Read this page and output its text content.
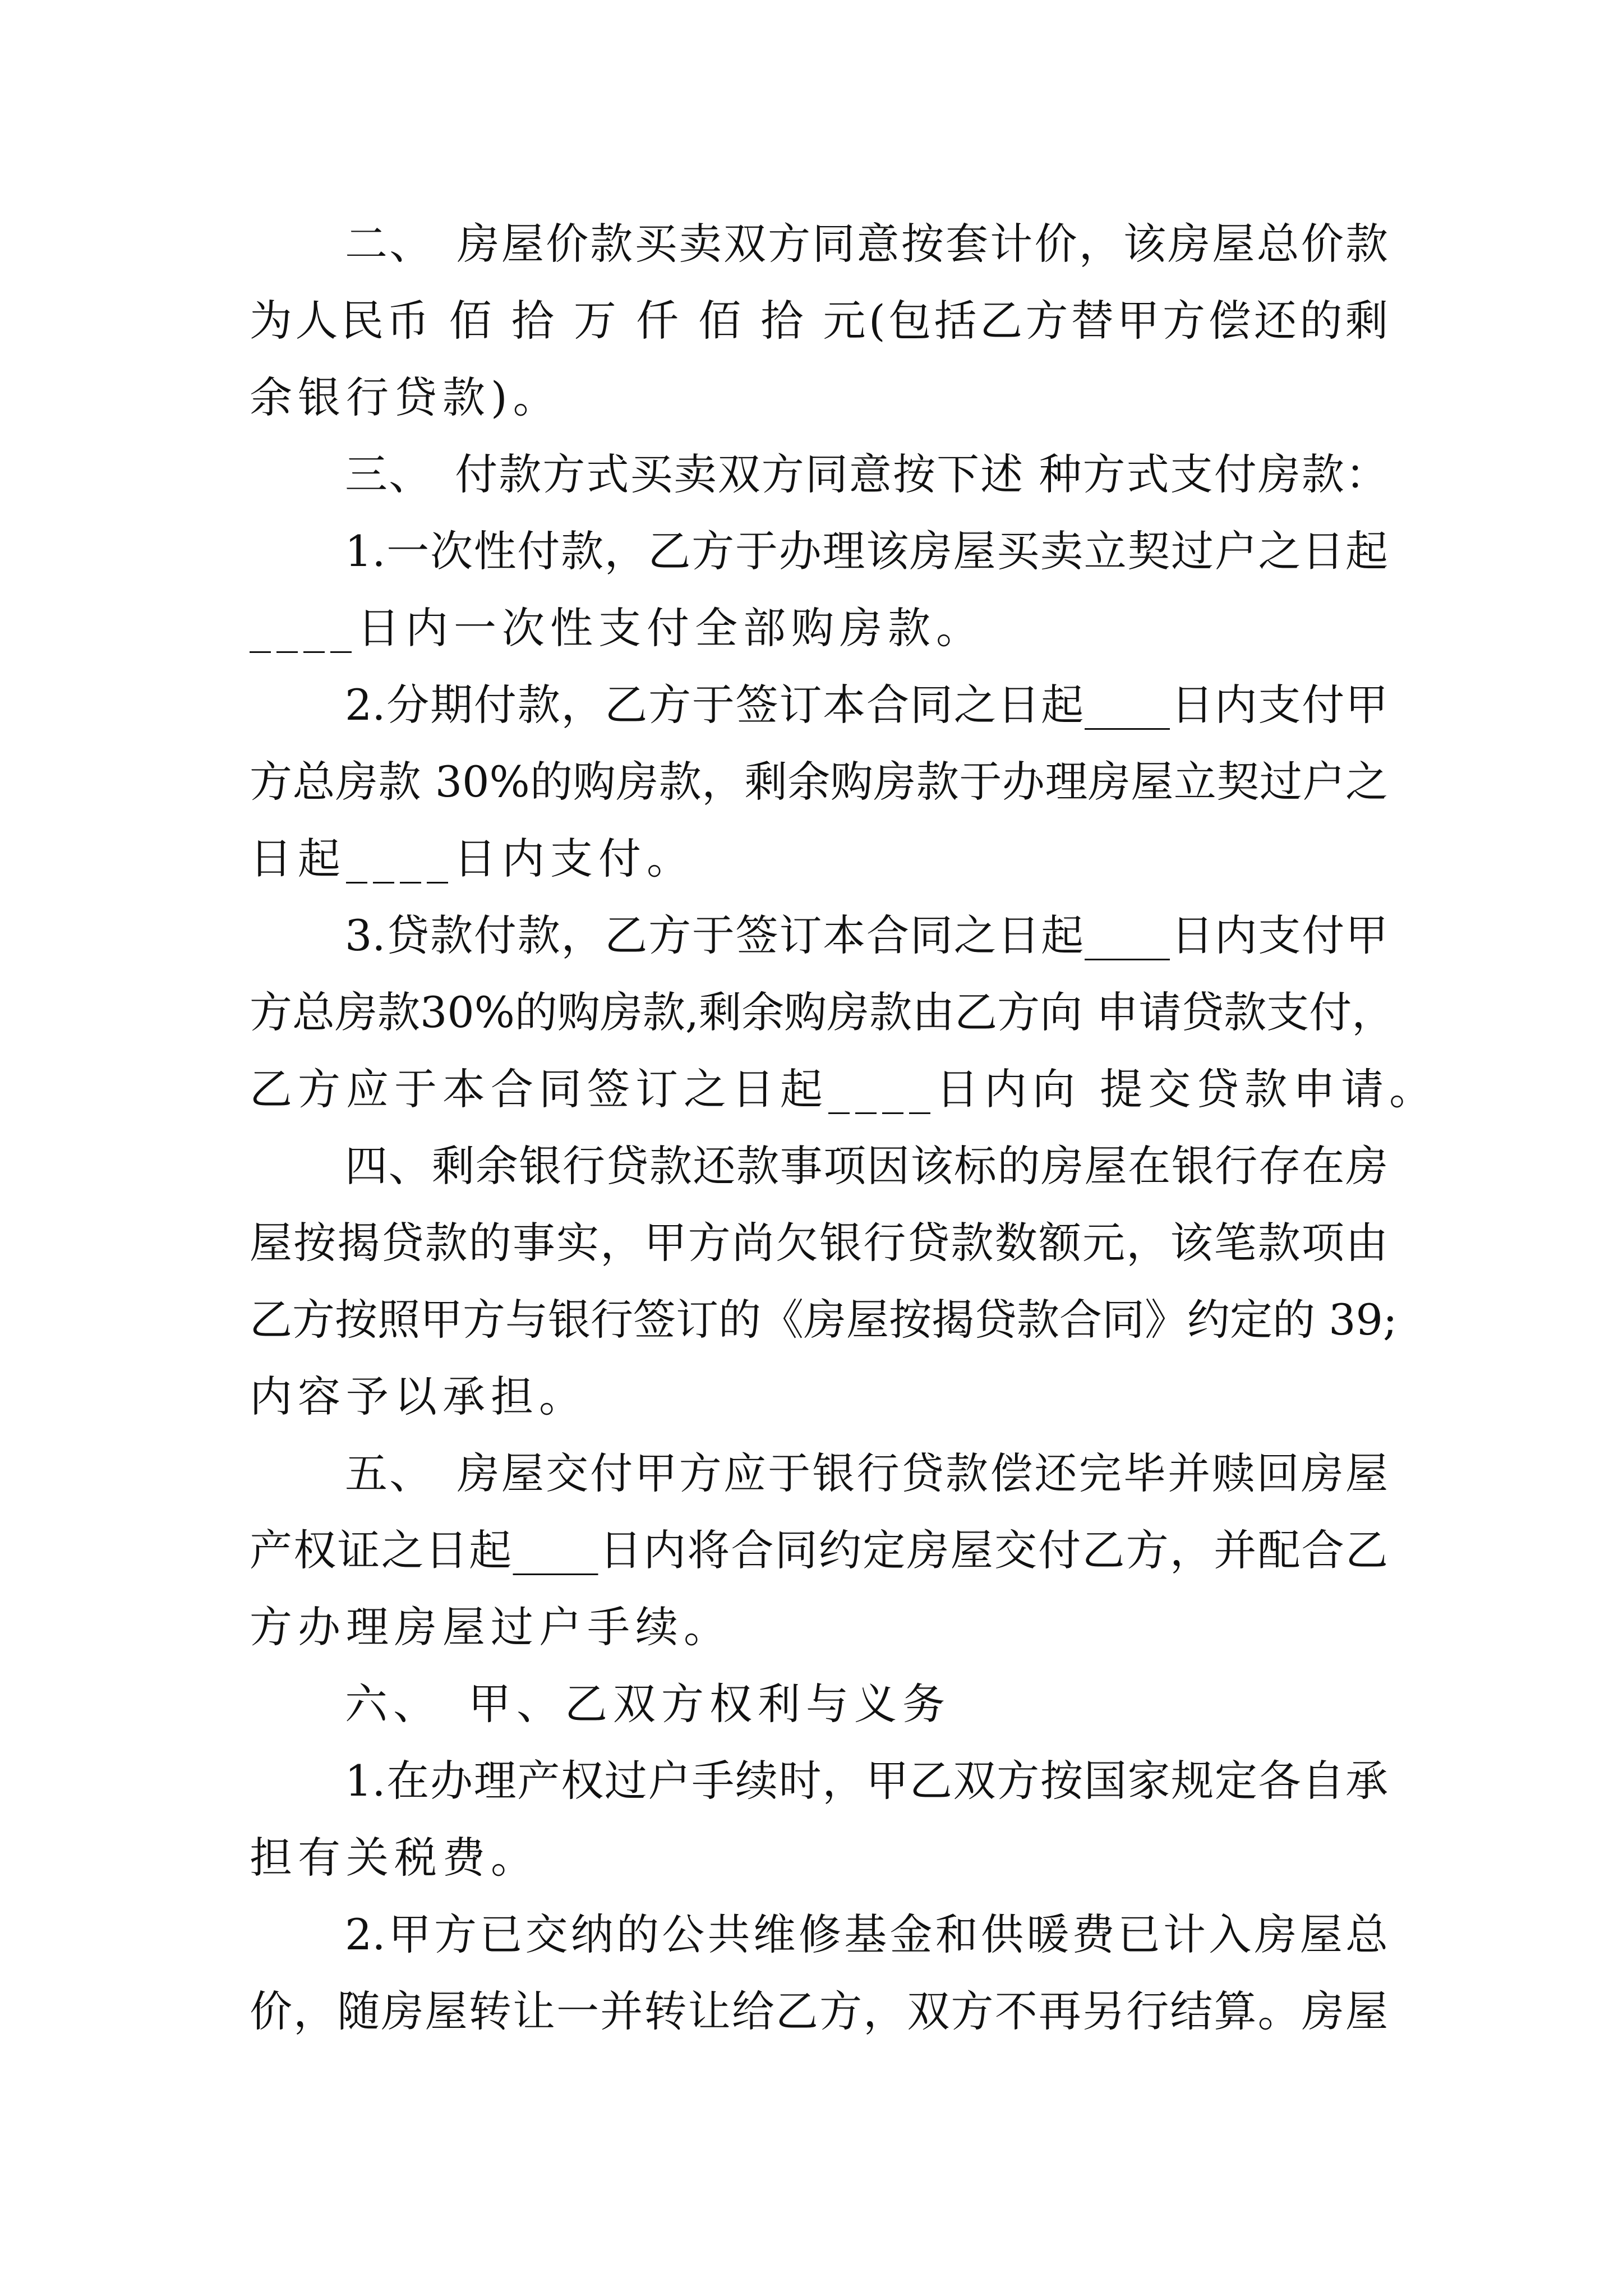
二、　房屋价款买卖双方同意按套计价，该房屋总价款
为人民币 佰 拾 万 仟 佰 拾 元(包括乙方替甲方偿还的剩
余银行贷款)。
三、　付款方式买卖双方同意按下述 种方式支付房款：
1.一次性付款，乙方于办理该房屋买卖立契过户之日起
____日内一次性支付全部购房款。
2.分期付款，乙方于签订本合同之日起____日内支付甲
方总房款 30%的购房款，剩余购房款于办理房屋立契过户之
日起____日内支付。
3.贷款付款，乙方于签订本合同之日起____日内支付甲
方总房款30%的购房款,剩余购房款由乙方向 申请贷款支付，
乙方应于本合同签订之日起____日内向 提交贷款申请。
四、剩余银行贷款还款事项因该标的房屋在银行存在房
屋按揭贷款的事实，甲方尚欠银行贷款数额元，该笔款项由
乙方按照甲方与银行签订的《房屋按揭贷款合同》约定的 39;
内容予以承担。
五、　房屋交付甲方应于银行贷款偿还完毕并赎回房屋
产权证之日起____日内将合同约定房屋交付乙方，并配合乙
方办理房屋过户手续。
六、　甲、乙双方权利与义务
1.在办理产权过户手续时，甲乙双方按国家规定各自承
担有关税费。
2.甲方已交纳的公共维修基金和供暖费已计入房屋总
价，随房屋转让一并转让给乙方，双方不再另行结算。房屋
